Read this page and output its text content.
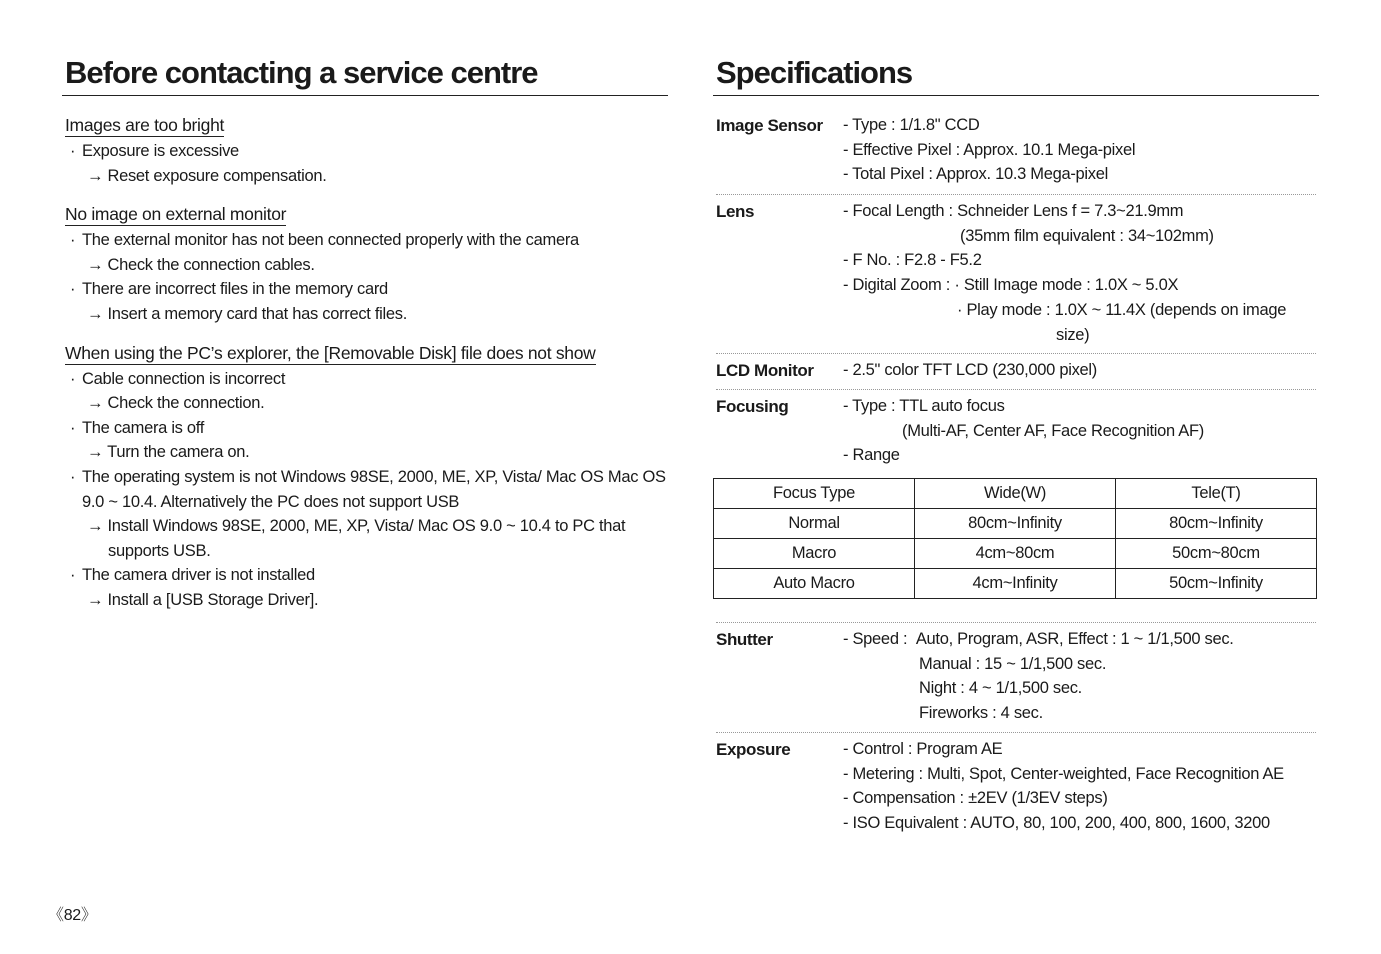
Before contacting a service centre
Images are too bright
· Exposure is excessive
→ Reset exposure compensation.
No image on external monitor
· The external monitor has not been connected properly with the camera
→ Check the connection cables.
· There are incorrect files in the memory card
→ Insert a memory card that has correct files.
When using the PC’s explorer, the [Removable Disk] file does not show
· Cable connection is incorrect
→ Check the connection.
· The camera is off
→ Turn the camera on.
· The operating system is not Windows 98SE, 2000, ME, XP, Vista/ Mac OS Mac OS 9.0 ~ 10.4. Alternatively the PC does not support USB
→ Install Windows 98SE, 2000, ME, XP, Vista/ Mac OS 9.0 ~ 10.4 to PC that supports USB.
· The camera driver is not installed
→ Install a [USB Storage Driver].
Specifications
Image Sensor - Type : 1/1.8" CCD
- Effective Pixel : Approx. 10.1 Mega-pixel
- Total Pixel : Approx. 10.3 Mega-pixel
Lens	- Focal Length : Schneider Lens f = 7.3~21.9mm
(35mm film equivalent : 34~102mm)
- F No. : F2.8 - F5.2
- Digital Zoom : · Still Image mode : 1.0X ~ 5.0X
· Play mode : 1.0X ~ 11.4X (depends on image
size)
LCD Monitor - 2.5" color TFT LCD (230,000 pixel)
Focusing	- Type : TTL auto focus
(Multi-AF, Center AF, Face Recognition AF)
- Range
Focus Type	Wide(W)	Tele(T)
Normal	80cm~Infinity	80cm~Infinity
Macro	4cm~80cm	50cm~80cm
Auto Macro	4cm~Infinity	50cm~Infinity
Shutter	- Speed : Auto, Program, ASR, Effect : 1 ~ 1/1,500 sec.
Manual : 15 ~ 1/1,500 sec.
Night : 4 ~ 1/1,500 sec.
Fireworks : 4 sec.
Exposure	- Control : Program AE
- Metering : Multi, Spot, Center-weighted, Face Recognition AE
- Compensation : ±2EV (1/3EV steps)
- ISO Equivalent : AUTO, 80, 100, 200, 400, 800, 1600, 3200
《82》
